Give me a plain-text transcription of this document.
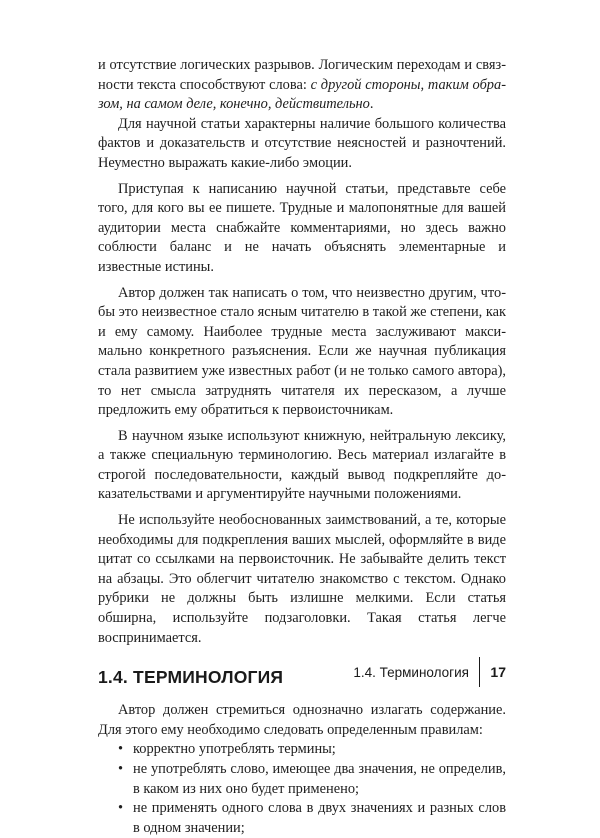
и отсутствие логических разрывов. Логическим переходам и связности текста способствуют слова: с другой стороны, таким образом, на самом деле, конечно, действительно.

Для научной статьи характерны наличие большого количества фактов и доказательств и отсутствие неясностей и разночтений. Неуместно выражать какие-либо эмоции.

Приступая к написанию научной статьи, представьте себе того, для кого вы ее пишете. Трудные и малопонятные для вашей аудитории места снабжайте комментариями, но здесь важно соблюсти баланс и не начать объяснять элементарные и известные истины.

Автор должен так написать о том, что неизвестно другим, чтобы это неизвестное стало ясным читателю в такой же степени, как и ему самому. Наиболее трудные места заслуживают максимально конкретного разъяснения. Если же научная публикация стала развитием уже известных работ (и не только самого автора), то нет смысла затруднять читателя их пересказом, а лучше предложить ему обратиться к первоисточникам.

В научном языке используют книжную, нейтральную лексику, а также специальную терминологию. Весь материал излагайте в строгой последовательности, каждый вывод подкрепляйте доказательствами и аргументируйте научными положениями.

Не используйте необоснованных заимствований, а те, которые необходимы для подкрепления ваших мыслей, оформляйте в виде цитат со ссылками на первоисточник. Не забывайте делить текст на абзацы. Это облегчит читателю знакомство с текстом. Однако рубрики не должны быть излишне мелкими. Если статья обширна, используйте подзаголовки. Такая статья легче воспринимается.

1.4. ТЕРМИНОЛОГИЯ

Автор должен стремиться однозначно излагать содержание. Для этого ему необходимо следовать определенным правилам:

• корректно употреблять термины;
• не употреблять слово, имеющее два значения, не определив, в каком из них оно будет применено;
• не применять одного слова в двух значениях и разных слов в одном значении;
1.4. Терминология	17
